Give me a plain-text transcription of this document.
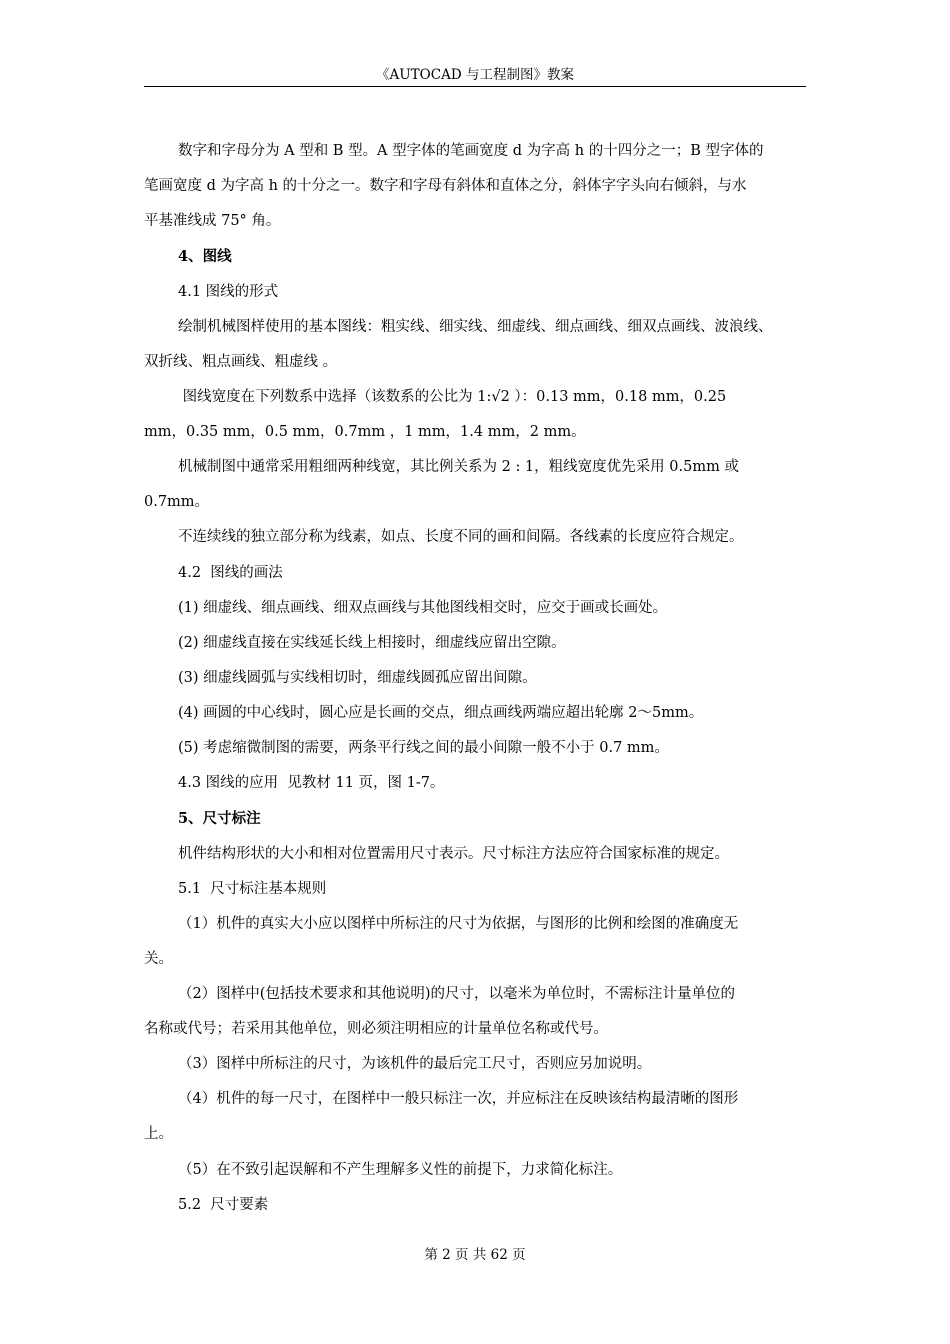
《AUTOCAD 与工程制图》教案
数字和字母分为 A 型和 B 型。A 型字体的笔画宽度 d 为字高 h 的十四分之一；B 型字体的
笔画宽度 d 为字高 h 的十分之一。数字和字母有斜体和直体之分，斜体字字头向右倾斜，与水
平基准线成 75° 角。
4、图线
4.1 图线的形式
绘制机械图样使用的基本图线：粗实线、细实线、细虚线、细点画线、细双点画线、波浪线、
双折线、粗点画线、粗虚线 。
图线宽度在下列数系中选择（该数系的公比为 1:√2 ）：0.13 mm，0.18 mm，0.25
mm，0.35 mm，0.5 mm，0.7mm ，1 mm，1.4 mm，2 mm。
机械制图中通常采用粗细两种线宽，其比例关系为 2 : 1，粗线宽度优先采用 0.5mm 或
0.7mm。
不连续线的独立部分称为线素，如点、长度不同的画和间隔。各线素的长度应符合规定。
4.2  图线的画法
(1) 细虚线、细点画线、细双点画线与其他图线相交时，应交于画或长画处。
(2) 细虚线直接在实线延长线上相接时，细虚线应留出空隙。
(3) 细虚线圆弧与实线相切时，细虚线圆孤应留出间隙。
(4) 画圆的中心线时，圆心应是长画的交点，细点画线两端应超出轮廓 2～5mm。
(5) 考虑缩微制图的需要，两条平行线之间的最小间隙一般不小于 0.7 mm。
4.3 图线的应用  见教材 11 页，图 1-7。
5、尺寸标注
机件结构形状的大小和相对位置需用尺寸表示。尺寸标注方法应符合国家标准的规定。
5.1  尺寸标注基本规则
（1）机件的真实大小应以图样中所标注的尺寸为依据，与图形的比例和绘图的准确度无
关。
（2）图样中(包括技术要求和其他说明)的尺寸，以毫米为单位时，不需标注计量单位的
名称或代号；若采用其他单位，则必须注明相应的计量单位名称或代号。
（3）图样中所标注的尺寸，为该机件的最后完工尺寸，否则应另加说明。
（4）机件的每一尺寸，在图样中一般只标注一次，并应标注在反映该结构最清晰的图形
上。
（5）在不致引起误解和不产生理解多义性的前提下，力求简化标注。
5.2  尺寸要素
第 2 页 共 62 页
